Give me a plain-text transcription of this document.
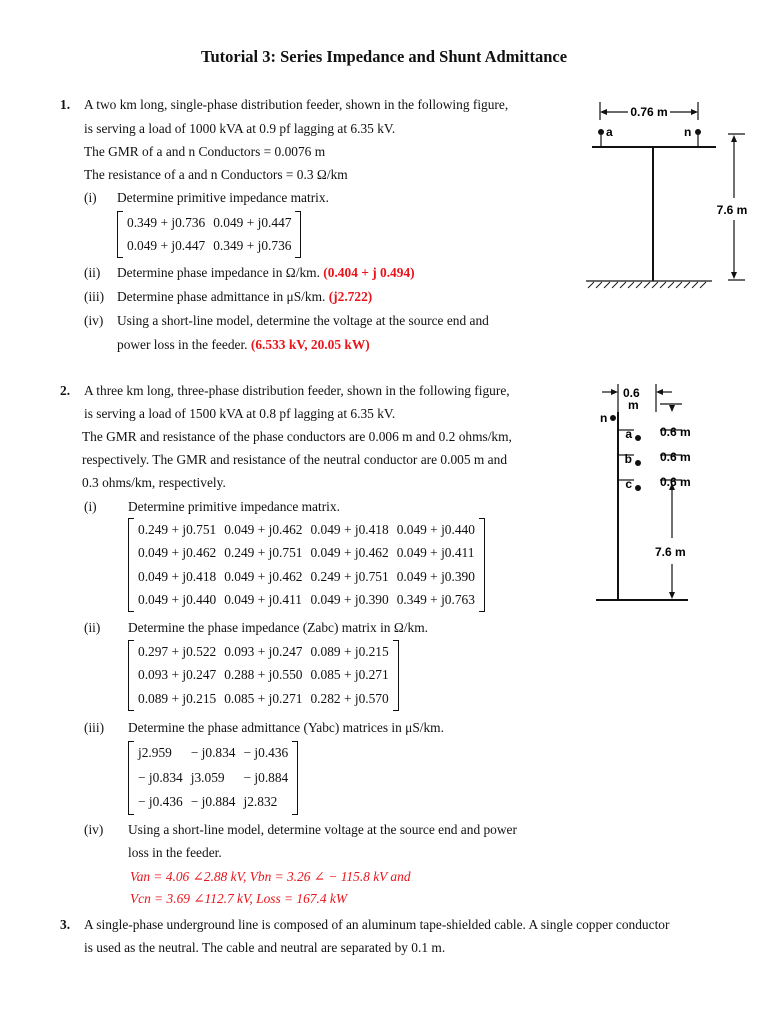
Tutorial 3: Series Impedance and Shunt Admittance
1. A two km long, single-phase distribution feeder, shown in the following figure,
is serving a load of 1000 kVA at 0.9 pf lagging at 6.35 kV.
The GMR of a and n Conductors = 0.0076 m
The resistance of a and n Conductors = 0.3 Ω/km
(i) Determine primitive impedance matrix.
0.349 + j0.736	0.049 + j0.447
0.049 + j0.447	0.349 + j0.736
(ii) Determine phase impedance in Ω/km. (0.404 + j 0.494)
(iii) Determine phase admittance in μS/km. (j2.722)
(iv) Using a short-line model, determine the voltage at the source end and
power loss in the feeder. (6.533 kV, 20.05 kW)
0.76 m
a	n
7.6 m
2. A three km long, three-phase distribution feeder, shown in the following figure,
is serving a load of 1500 kVA at 0.8 pf lagging at 6.35 kV.
The GMR and resistance of the phase conductors are 0.006 m and 0.2 ohms/km,
respectively. The GMR and resistance of the neutral conductor are 0.005 m and
0.3 ohms/km, respectively.
(i) Determine primitive impedance matrix.
0.249 + j0.751	0.049 + j0.462	0.049 + j0.418	0.049 + j0.440
0.049 + j0.462	0.249 + j0.751	0.049 + j0.462	0.049 + j0.411
0.049 + j0.418	0.049 + j0.462	0.249 + j0.751	0.049 + j0.390
0.049 + j0.440	0.049 + j0.411	0.049 + j0.390	0.349 + j0.763
(ii) Determine the phase impedance (Zabc) matrix in Ω/km.
0.297 + j0.522	0.093 + j0.247	0.089 + j0.215
0.093 + j0.247	0.288 + j0.550	0.085 + j0.271
0.089 + j0.215	0.085 + j0.271	0.282 + j0.570
(iii) Determine the phase admittance (Yabc) matrices in μS/km.
j2.959	− j0.834	− j0.436
− j0.834	j3.059	− j0.884
− j0.436	− j0.884	j2.832
(iv) Using a short-line model, determine voltage at the source end and power
loss in the feeder.
Van = 4.06 ∠2.88 kV, Vbn = 3.26 ∠ − 115.8 kV and
Vcn = 3.69 ∠112.7 kV, Loss = 167.4 kW
0.6
m
n
a
b
c
0.6 m
0.6 m
0.6 m
7.6 m
3. A single-phase underground line is composed of an aluminum tape-shielded cable. A single copper conductor
is used as the neutral. The cable and neutral are separated by 0.1 m.
